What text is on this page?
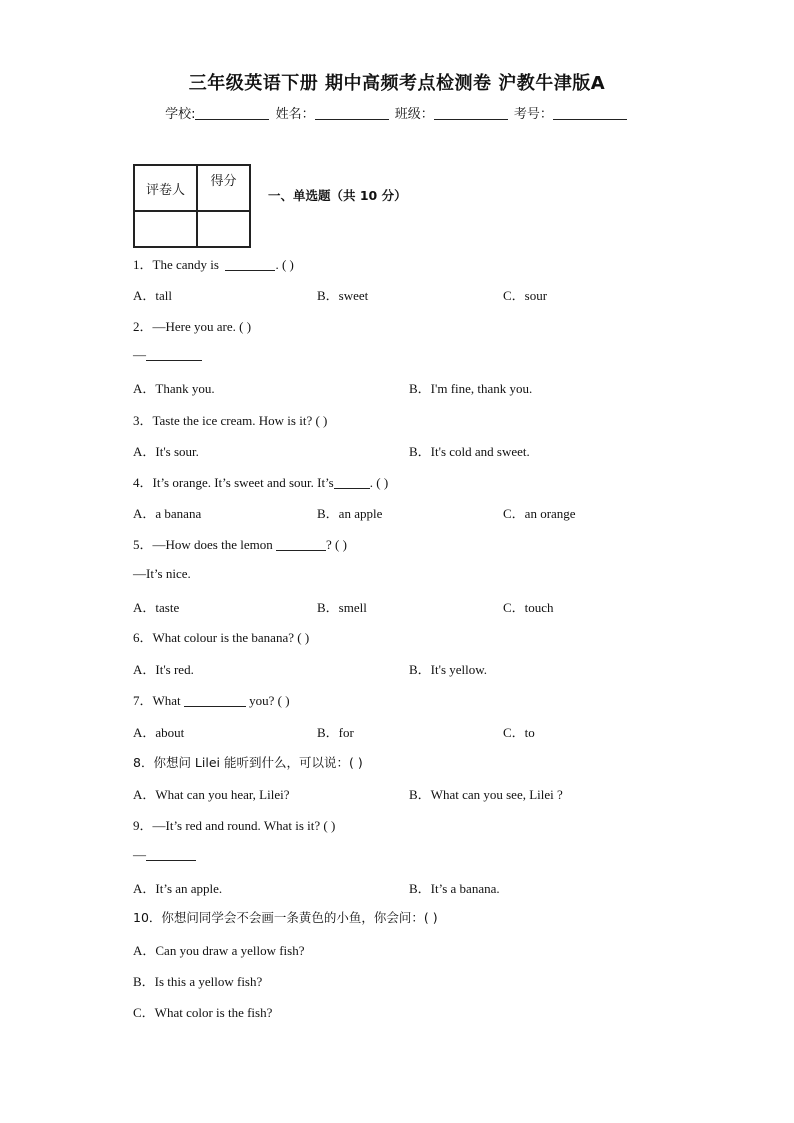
三年级英语下册 期中高频考点检测卷 沪教牛津版A
学校:	姓名：	班级：	考号：
评卷人	得分

一、单选题（共 10 分）
1．The candy is	. ( )
A．tall	B．sweet	C．sour
2．—Here you are. ( )
—
A．Thank you.	B．I'm fine, thank you.
3．Taste the ice cream. How is it? ( )
A．It's sour.	B．It's cold and sweet.
4．It’s orange. It’s sweet and sour. It’s	. ( )
A．a banana	B．an apple	C．an orange
5．—How does the lemon	? ( )
—It’s nice.
A．taste	B．smell	C．touch
6．What colour is the banana? ( )
A．It's red.	B．It's yellow.
7．What	you? ( )
A．about	B．for	C．to
8．你想问 Lilei 能听到什么，可以说：( )
A．What can you hear, Lilei?	B．What can you see, Lilei ?
9．—It’s red and round. What is it? ( )
—
A．It’s an apple.	B．It’s a banana.
10．你想问同学会不会画一条黄色的小鱼，你会问：( )
A．Can you draw a yellow fish?
B．Is this a yellow fish?
C．What color is the fish?
